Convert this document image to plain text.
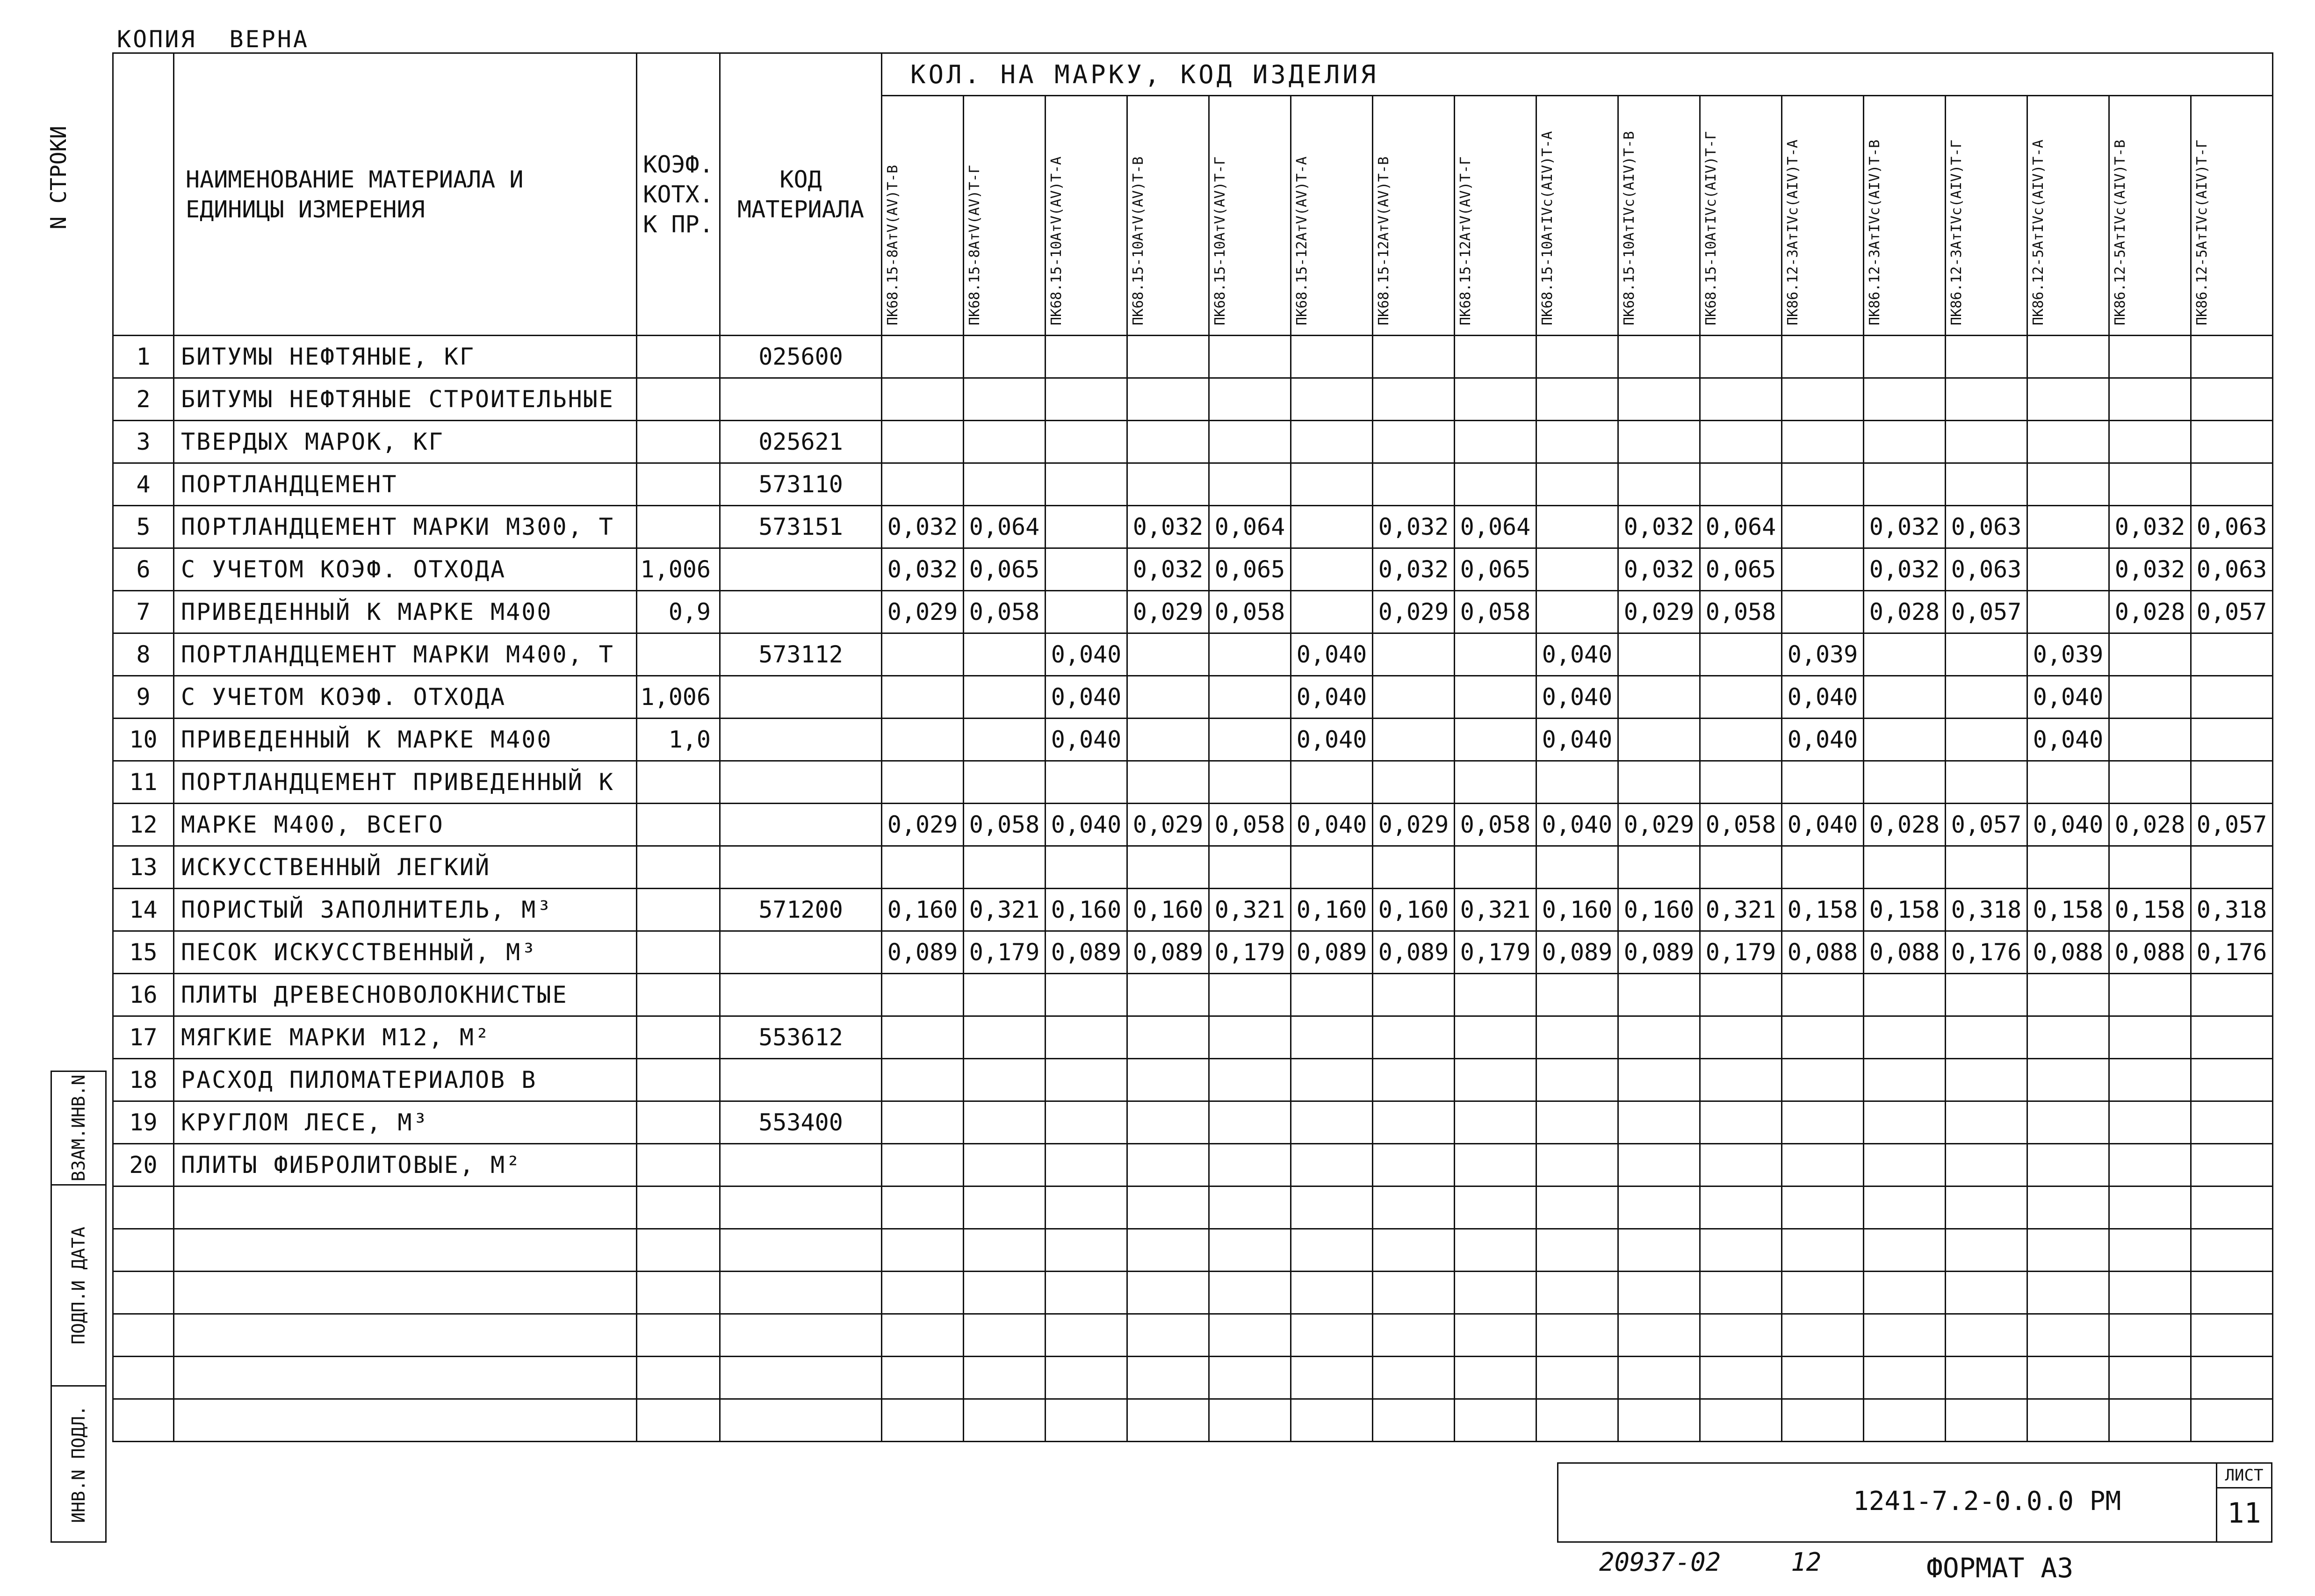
КОПИЯ ВЕРНА
N СТРОКИ	НАИМЕНОВАНИЕ МАТЕРИАЛА И ЕДИНИЦЫ ИЗМЕРЕНИЯ	КОЭФ. КОТХ. К ПР.	КОД МАТЕРИАЛА	КОЛ. НА МАРКУ, КОД ИЗДЕЛИЯ																

				ПК68.15-8АтV(АV)Т-В	ПК68.15-8АтV(АV)Т-Г	ПК68.15-10АтV(АV)Т-А	ПК68.15-10АтV(АV)Т-В	ПК68.15-10АтV(АV)Т-Г	ПК68.15-12АтV(АV)Т-А	ПК68.15-12АтV(АV)Т-В	ПК68.15-12АтV(АV)Т-Г	ПК68.15-10АтIVс(АIV)Т-А	ПК68.15-10АтIVс(АIV)Т-В	ПК68.15-10АтIVс(АIV)Т-Г	ПК86.12-3АтIVс(АIV)Т-А	ПК86.12-3АтIVс(АIV)Т-В	ПК86.12-3АтIVс(АIV)Т-Г	ПК86.12-5АтIVс(АIV)Т-А	ПК86.12-5АтIVс(АIV)Т-В	ПК86.12-5АтIVс(АIV)Т-Г

1	БИТУМЫ НЕФТЯНЫЕ, КГ		025600																	
2	БИТУМЫ НЕФТЯНЫЕ СТРОИТЕЛЬНЫЕ																			
3	ТВЕРДЫХ МАРОК, КГ		025621																	
4	ПОРТЛАНДЦЕМЕНТ		573110																	
5	ПОРТЛАНДЦЕМЕНТ МАРКИ М300, Т		573151	0,032	0,064		0,032	0,064		0,032	0,064		0,032	0,064		0,032	0,063		0,032	0,063
6	С УЧЕТОМ КОЭФ. ОТХОДА	1,006		0,032	0,065		0,032	0,065		0,032	0,065		0,032	0,065		0,032	0,063		0,032	0,063
7	ПРИВЕДЕННЫЙ К МАРКЕ М400	0,9		0,029	0,058		0,029	0,058		0,029	0,058		0,029	0,058		0,028	0,057		0,028	0,057
8	ПОРТЛАНДЦЕМЕНТ МАРКИ М400, Т		573112			0,040			0,040			0,040			0,039			0,039		
9	С УЧЕТОМ КОЭФ. ОТХОДА	1,006				0,040			0,040			0,040			0,040			0,040		
10	ПРИВЕДЕННЫЙ К МАРКЕ М400	1,0				0,040			0,040			0,040			0,040			0,040		
11	ПОРТЛАНДЦЕМЕНТ ПРИВЕДЕННЫЙ К																			
12	МАРКЕ М400, ВСЕГО			0,029	0,058	0,040	0,029	0,058	0,040	0,029	0,058	0,040	0,029	0,058	0,040	0,028	0,057	0,040	0,028	0,057
13	ИСКУССТВЕННЫЙ ЛЕГКИЙ																			
14	ПОРИСТЫЙ ЗАПОЛНИТЕЛЬ, М³		571200	0,160	0,321	0,160	0,160	0,321	0,160	0,160	0,321	0,160	0,160	0,321	0,158	0,158	0,318	0,158	0,158	0,318
15	ПЕСОК ИСКУССТВЕННЫЙ, М³			0,089	0,179	0,089	0,089	0,179	0,089	0,089	0,179	0,089	0,089	0,179	0,088	0,088	0,176	0,088	0,088	0,176
16	ПЛИТЫ ДРЕВЕСНОВОЛОКНИСТЫЕ																			
17	МЯГКИЕ МАРКИ М12, М²		553612																	
18	РАСХОД ПИЛОМАТЕРИАЛОВ В																			
19	КРУГЛОМ ЛЕСЕ, М³		553400																	
20	ПЛИТЫ ФИБРОЛИТОВЫЕ, М²																			

1241-7.2-0.0.0 РМ
ЛИСТ
11
20937-02	12	ФОРМАТ А3
ВЗАМ.ИНВ.N
ПОДП.И ДАТА
ИНВ.N ПОДЛ.
